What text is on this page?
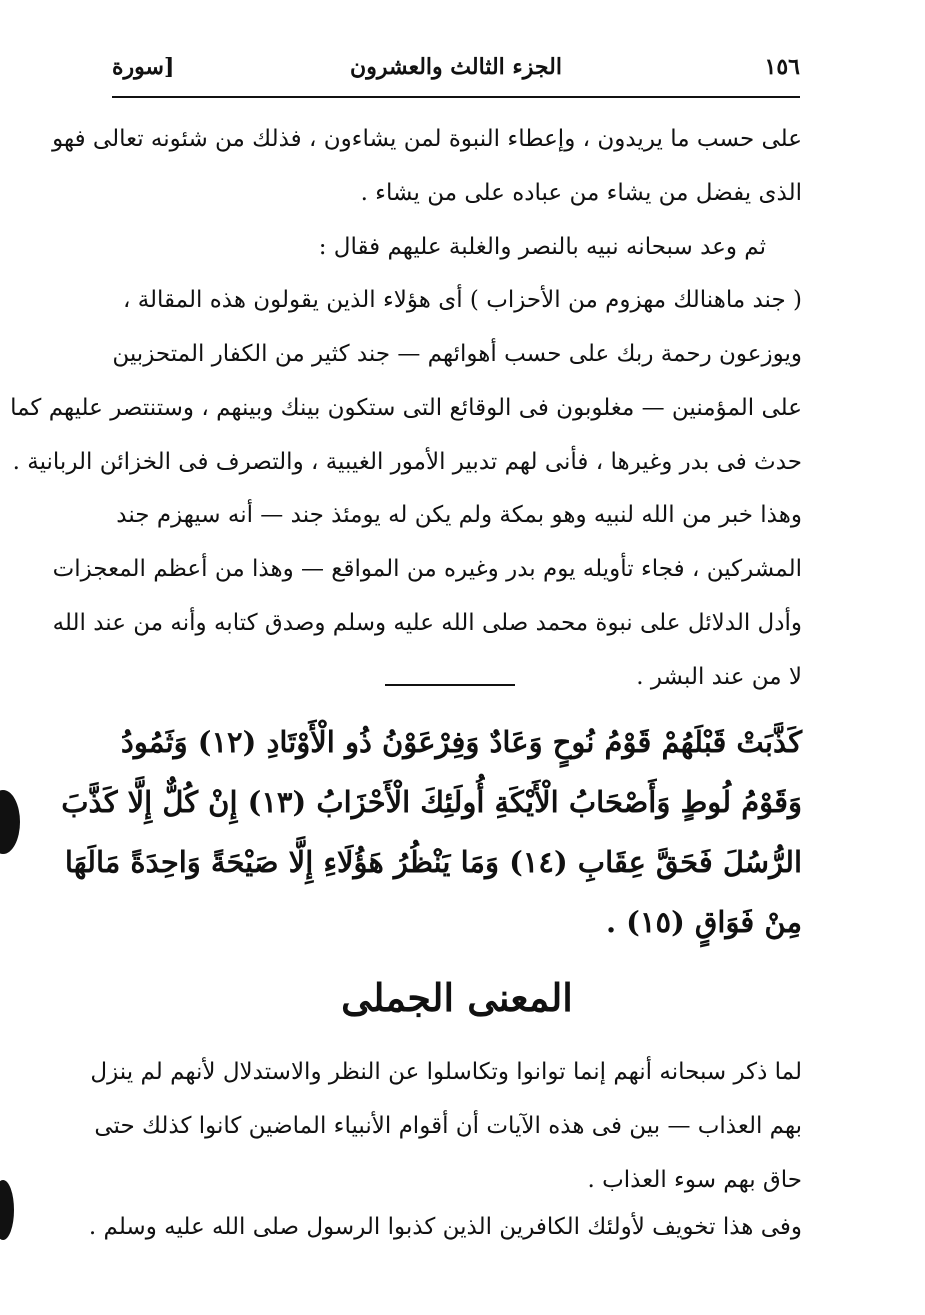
١٥٦
الجزء الثالث والعشرون
[سورة
على حسب ما يريدون ، وإعطاء النبوة لمن يشاءون ، فذلك من شئونه تعالى فهو
الذى يفضل من يشاء من عباده على من يشاء .
ثم وعد سبحانه نبيه بالنصر والغلبة عليهم فقال :
( جند ماهنالك مهزوم من الأحزاب ) أى هؤلاء الذين يقولون هذه المقالة ،
ويوزعون رحمة ربك على حسب أهوائهم — جند كثير من الكفار المتحزبين
على المؤمنين — مغلوبون فى الوقائع التى ستكون بينك وبينهم ، وستنتصر عليهم كما
حدث فى بدر وغيرها ، فأنى لهم تدبير الأمور الغيبية ، والتصرف فى الخزائن الربانية .
وهذا خبر من الله لنبيه وهو بمكة ولم يكن له يومئذ جند — أنه سيهزم جند
المشركين ، فجاء تأويله يوم بدر وغيره من المواقع — وهذا من أعظم المعجزات
وأدل الدلائل على نبوة محمد صلى الله عليه وسلم وصدق كتابه وأنه من عند الله
لا من عند البشر .
كَذَّبَتْ قَبْلَهُمْ قَوْمُ نُوحٍ وَعَادٌ وَفِرْعَوْنُ ذُو الْأَوْتَادِ (١٢) وَثَمُودُ
وَقَوْمُ لُوطٍ وَأَصْحَابُ الْأَيْكَةِ أُولَئِكَ الْأَحْزَابُ (١٣) إِنْ كُلٌّ إِلَّا كَذَّبَ
الرُّسُلَ فَحَقَّ عِقَابِ (١٤) وَمَا يَنْظُرُ هَؤُلَاءِ إِلَّا صَيْحَةً وَاحِدَةً مَالَهَا
مِنْ فَوَاقٍ (١٥) .
المعنى الجملى
لما ذكر سبحانه أنهم إنما توانوا وتكاسلوا عن النظر والاستدلال لأنهم لم ينزل
بهم العذاب — بين فى هذه الآيات أن أقوام الأنبياء الماضين كانوا كذلك حتى
حاق بهم سوء العذاب .
وفى هذا تخويف لأولئك الكافرين الذين كذبوا الرسول صلى الله عليه وسلم .
